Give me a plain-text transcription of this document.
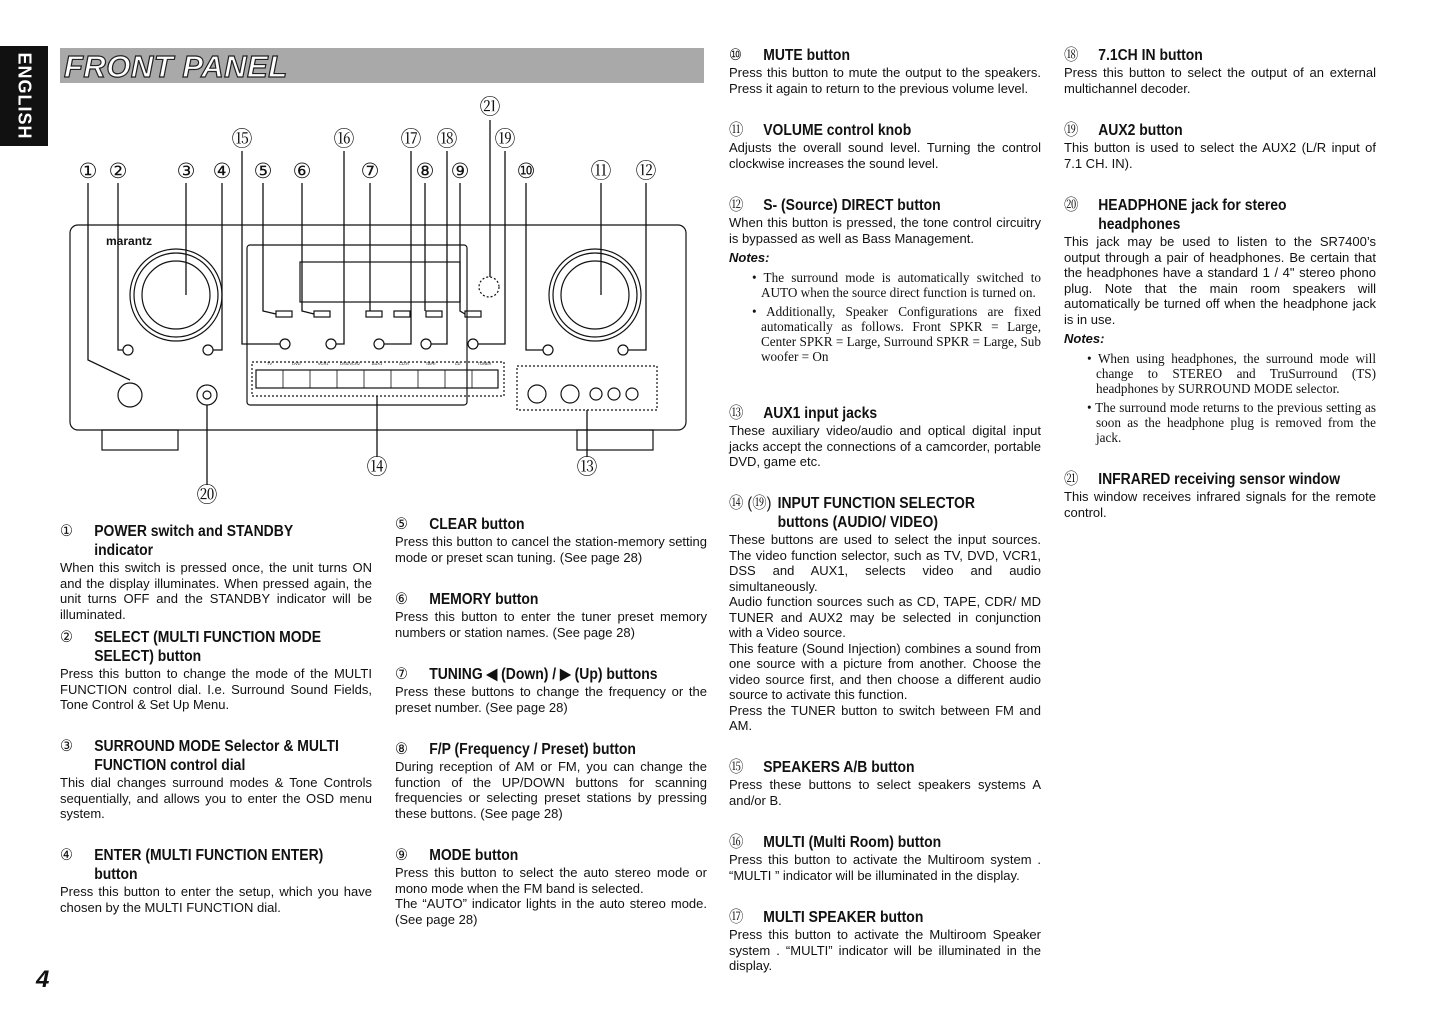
ENGLISH FRONT PANEL
marantz
TV	DVD	VCR1	DSS/VCR2	AUX1	CD-R	TAPE	CD	TUNER
① ② ③ ④ ⑤ ⑥ ⑦ ⑧ ⑨ ⑩	⑪ ⑫
⑬
⑭
⑮	⑯ ⑰ ⑱ ⑲
⑳
㉑
①	POWER switch and STANDBY indicator
When this switch is pressed once, the unit turns ON and the display illuminates. When pressed again, the unit turns OFF and the STANDBY indicator will be illuminated.
②	SELECT (MULTI FUNCTION MODE SELECT) button
Press this button to change the mode of the MULTI FUNCTION control dial. I.e. Surround Sound Fields, Tone Control & Set Up Menu.
③	SURROUND MODE Selector & MULTI FUNCTION control dial
This dial changes surround modes & Tone Controls sequentially, and allows you to enter the OSD menu system.
④	ENTER (MULTI FUNCTION ENTER) button
Press this button to enter the setup, which you have chosen by the MULTI FUNCTION dial.
⑤	CLEAR button
Press this button to cancel the station-memory setting mode or preset scan tuning. (See page 28)
⑥	MEMORY button
Press this button to enter the tuner preset memory numbers or station names. (See page 28)
⑦	TUNING ◀ (Down) / ▶ (Up) buttons
Press these buttons to change the frequency or the preset number. (See page 28)
⑧	F/P (Frequency / Preset) button
During reception of AM or FM, you can change the function of the UP/DOWN buttons for scanning frequencies or selecting preset stations by pressing these buttons. (See page 28)
⑨	MODE button
Press this button to select the auto stereo mode or mono mode when the FM band is selected.
The “AUTO” indicator lights in the auto stereo mode. (See page 28)
⑩	MUTE button
Press this button to mute the output to the speakers. Press it again to return to the previous volume level.
⑪	VOLUME control knob
Adjusts the overall sound level. Turning the control clockwise increases the sound level.
⑫	S- (Source) DIRECT button
When this button is pressed, the tone control circuitry is bypassed as well as Bass Management.
Notes:
• The surround mode is automatically switched to AUTO when the source direct function is turned on.
• Additionally, Speaker Configurations are fixed automatically as follows. Front SPKR = Large, Center SPKR = Large, Surround SPKR = Large, Sub woofer = On
⑬	AUX1 input jacks
These auxiliary video/audio and optical digital input jacks accept the connections of a camcorder, portable DVD, game etc.
⑭ (⑲) INPUT FUNCTION SELECTOR buttons (AUDIO/ VIDEO)
These buttons are used to select the input sources. The video function selector, such as TV, DVD, VCR1, DSS and AUX1, selects video and audio simultaneously.
Audio function sources such as CD, TAPE, CDR/ MD TUNER and AUX2 may be selected in conjunction with a Video source.
This feature (Sound Injection) combines a sound from one source with a picture from another. Choose the video source first, and then choose a different audio source to activate this function.
Press the TUNER button to switch between FM and AM.
⑮	SPEAKERS A/B button
Press these buttons to select speakers systems A and/or B.
⑯	MULTI (Multi Room) button
Press this button to activate the Multiroom system . “MULTI ” indicator will be illuminated in the display.
⑰	MULTI SPEAKER button
Press this button to activate the Multiroom Speaker system . “MULTI” indicator will be illuminated in the display.
⑱	7.1CH IN button
Press this button to select the output of an external multichannel decoder.
⑲	AUX2 button
This button is used to select the AUX2 (L/R input of 7.1 CH. IN).
⑳	HEADPHONE jack for stereo headphones
This jack may be used to listen to the SR7400’s output through a pair of headphones. Be certain that the headphones have a standard 1 / 4" stereo phono plug. Note that the main room speakers will automatically be turned off when the headphone jack is in use.
Notes:
• When using headphones, the surround mode will change to STEREO and TruSurround (TS) headphones by SURROUND MODE selector.
• The surround mode returns to the previous setting as soon as the headphone plug is removed from the jack.
㉑	INFRARED receiving sensor window
This window receives infrared signals for the remote control.
4
